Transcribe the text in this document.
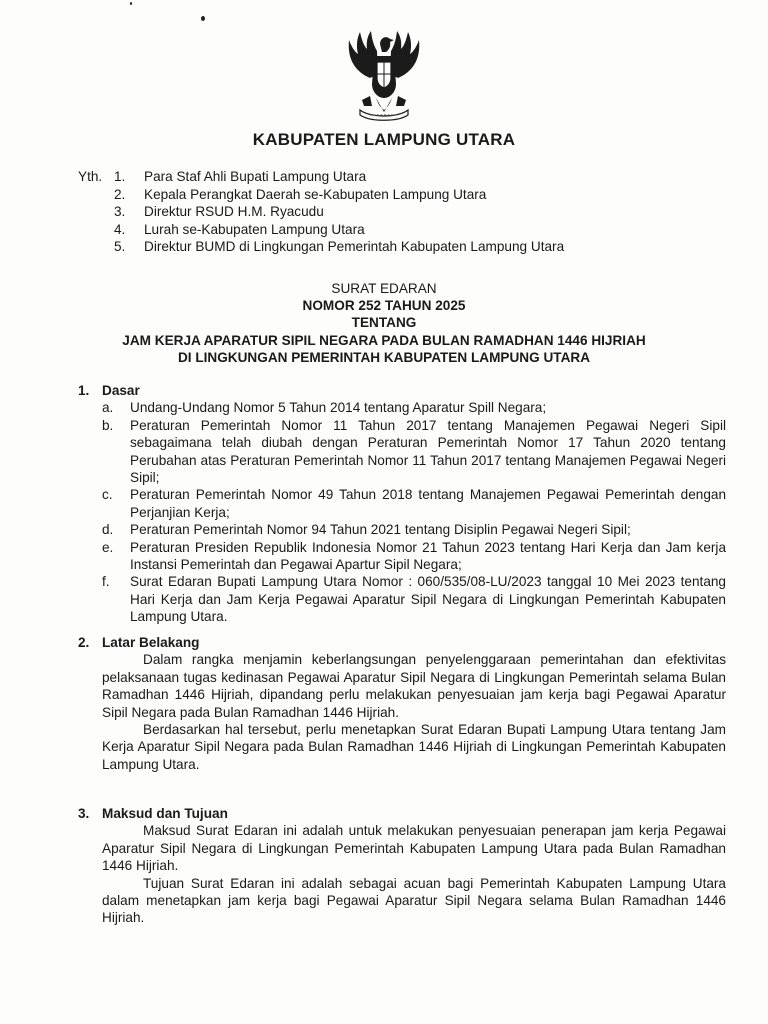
KABUPATEN LAMPUNG UTARA
Yth. 1.	Para Staf Ahli Bupati Lampung Utara
2.	Kepala Perangkat Daerah se-Kabupaten Lampung Utara
3.	Direktur RSUD H.M. Ryacudu
4.	Lurah se-Kabupaten Lampung Utara
5.	Direktur BUMD di Lingkungan Pemerintah Kabupaten Lampung Utara
SURAT EDARAN
NOMOR 252 TAHUN 2025
TENTANG
JAM KERJA APARATUR SIPIL NEGARA PADA BULAN RAMADHAN 1446 HIJRIAH
DI LINGKUNGAN PEMERINTAH KABUPATEN LAMPUNG UTARA
1. Dasar
a.	Undang-Undang Nomor 5 Tahun 2014 tentang Aparatur Spill Negara;
b.	Peraturan Pemerintah Nomor 11 Tahun 2017 tentang Manajemen Pegawai Negeri Sipil sebagaimana telah diubah dengan Peraturan Pemerintah Nomor 17 Tahun 2020 tentang Perubahan atas Peraturan Pemerintah Nomor 11 Tahun 2017 tentang Manajemen Pegawai Negeri Sipil;
c.	Peraturan Pemerintah Nomor 49 Tahun 2018 tentang Manajemen Pegawai Pemerintah dengan Perjanjian Kerja;
d.	Peraturan Pemerintah Nomor 94 Tahun 2021 tentang Disiplin Pegawai Negeri Sipil;
e.	Peraturan Presiden Republik Indonesia Nomor 21 Tahun 2023 tentang Hari Kerja dan Jam kerja Instansi Pemerintah dan Pegawai Apartur Sipil Negara;
f.	Surat Edaran Bupati Lampung Utara Nomor : 060/535/08-LU/2023 tanggal 10 Mei 2023 tentang Hari Kerja dan Jam Kerja Pegawai Aparatur Sipil Negara di Lingkungan Pemerintah Kabupaten Lampung Utara.
2. Latar Belakang
Dalam rangka menjamin keberlangsungan penyelenggaraan pemerintahan dan efektivitas pelaksanaan tugas kedinasan Pegawai Aparatur Sipil Negara di Lingkungan Pemerintah selama Bulan Ramadhan 1446 Hijriah, dipandang perlu melakukan penyesuaian jam kerja bagi Pegawai Aparatur Sipil Negara pada Bulan Ramadhan 1446 Hijriah.
Berdasarkan hal tersebut, perlu menetapkan Surat Edaran Bupati Lampung Utara tentang Jam Kerja Aparatur Sipil Negara pada Bulan Ramadhan 1446 Hijriah di Lingkungan Pemerintah Kabupaten Lampung Utara.
3. Maksud dan Tujuan
Maksud Surat Edaran ini adalah untuk melakukan penyesuaian penerapan jam kerja Pegawai Aparatur Sipil Negara di Lingkungan Pemerintah Kabupaten Lampung Utara pada Bulan Ramadhan 1446 Hijriah.
Tujuan Surat Edaran ini adalah sebagai acuan bagi Pemerintah Kabupaten Lampung Utara dalam menetapkan jam kerja bagi Pegawai Aparatur Sipil Negara selama Bulan Ramadhan 1446 Hijriah.
